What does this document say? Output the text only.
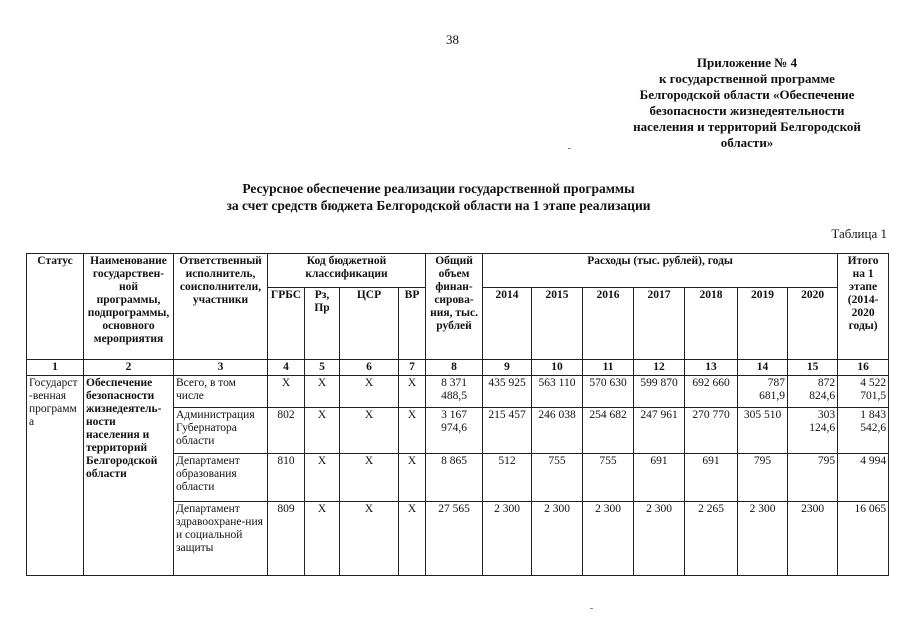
38
Приложение № 4
к государственной программе
Белгородской области «Обеспечение
безопасности жизнедеятельности
населения и территорий Белгородской
области»
Ресурсное обеспечение реализации государственной программы
за счет средств бюджета Белгородской области на 1 этапе реализации
Таблица 1
Статус	Наименование государствен-ной программы, подпрограммы, основного мероприятия	Ответственный исполнитель, соисполнители, участники	Код бюджетной классификации				Общий объем финан-сирова-ния, тыс. рублей	Расходы (тыс. рублей), годы							Итого на 1 этапе (2014-2020 годы)
			ГРБС	Рз, Пр	ЦСР	ВР		2014	2015	2016	2017	2018	2019	2020	
1	2	3	4	5	6	7	8	9	10	11	12	13	14	15	16
Государст-венная программа	Обеспечение безопасности жизнедеятель-ности населения и территорий Белгородской области	Всего, в том числе	X	X	X	X	8 371 488,5	435 925	563 110	570 630	599 870	692 660	787 681,9	872 824,6	4 522 701,5
		Администрация Губернатора области	802	X	X	X	3 167 974,6	215 457	246 038	254 682	247 961	270 770	305 510	303 124,6	1 843 542,6
		Департамент образования области	810	X	X	X	8 865	512	755	755	691	691	795	795	4 994
		Департамент здравоохране-ния и социальной защиты	809	X	X	X	27 565	2 300	2 300	2 300	2 300	2 265	2 300	2300	16 065
